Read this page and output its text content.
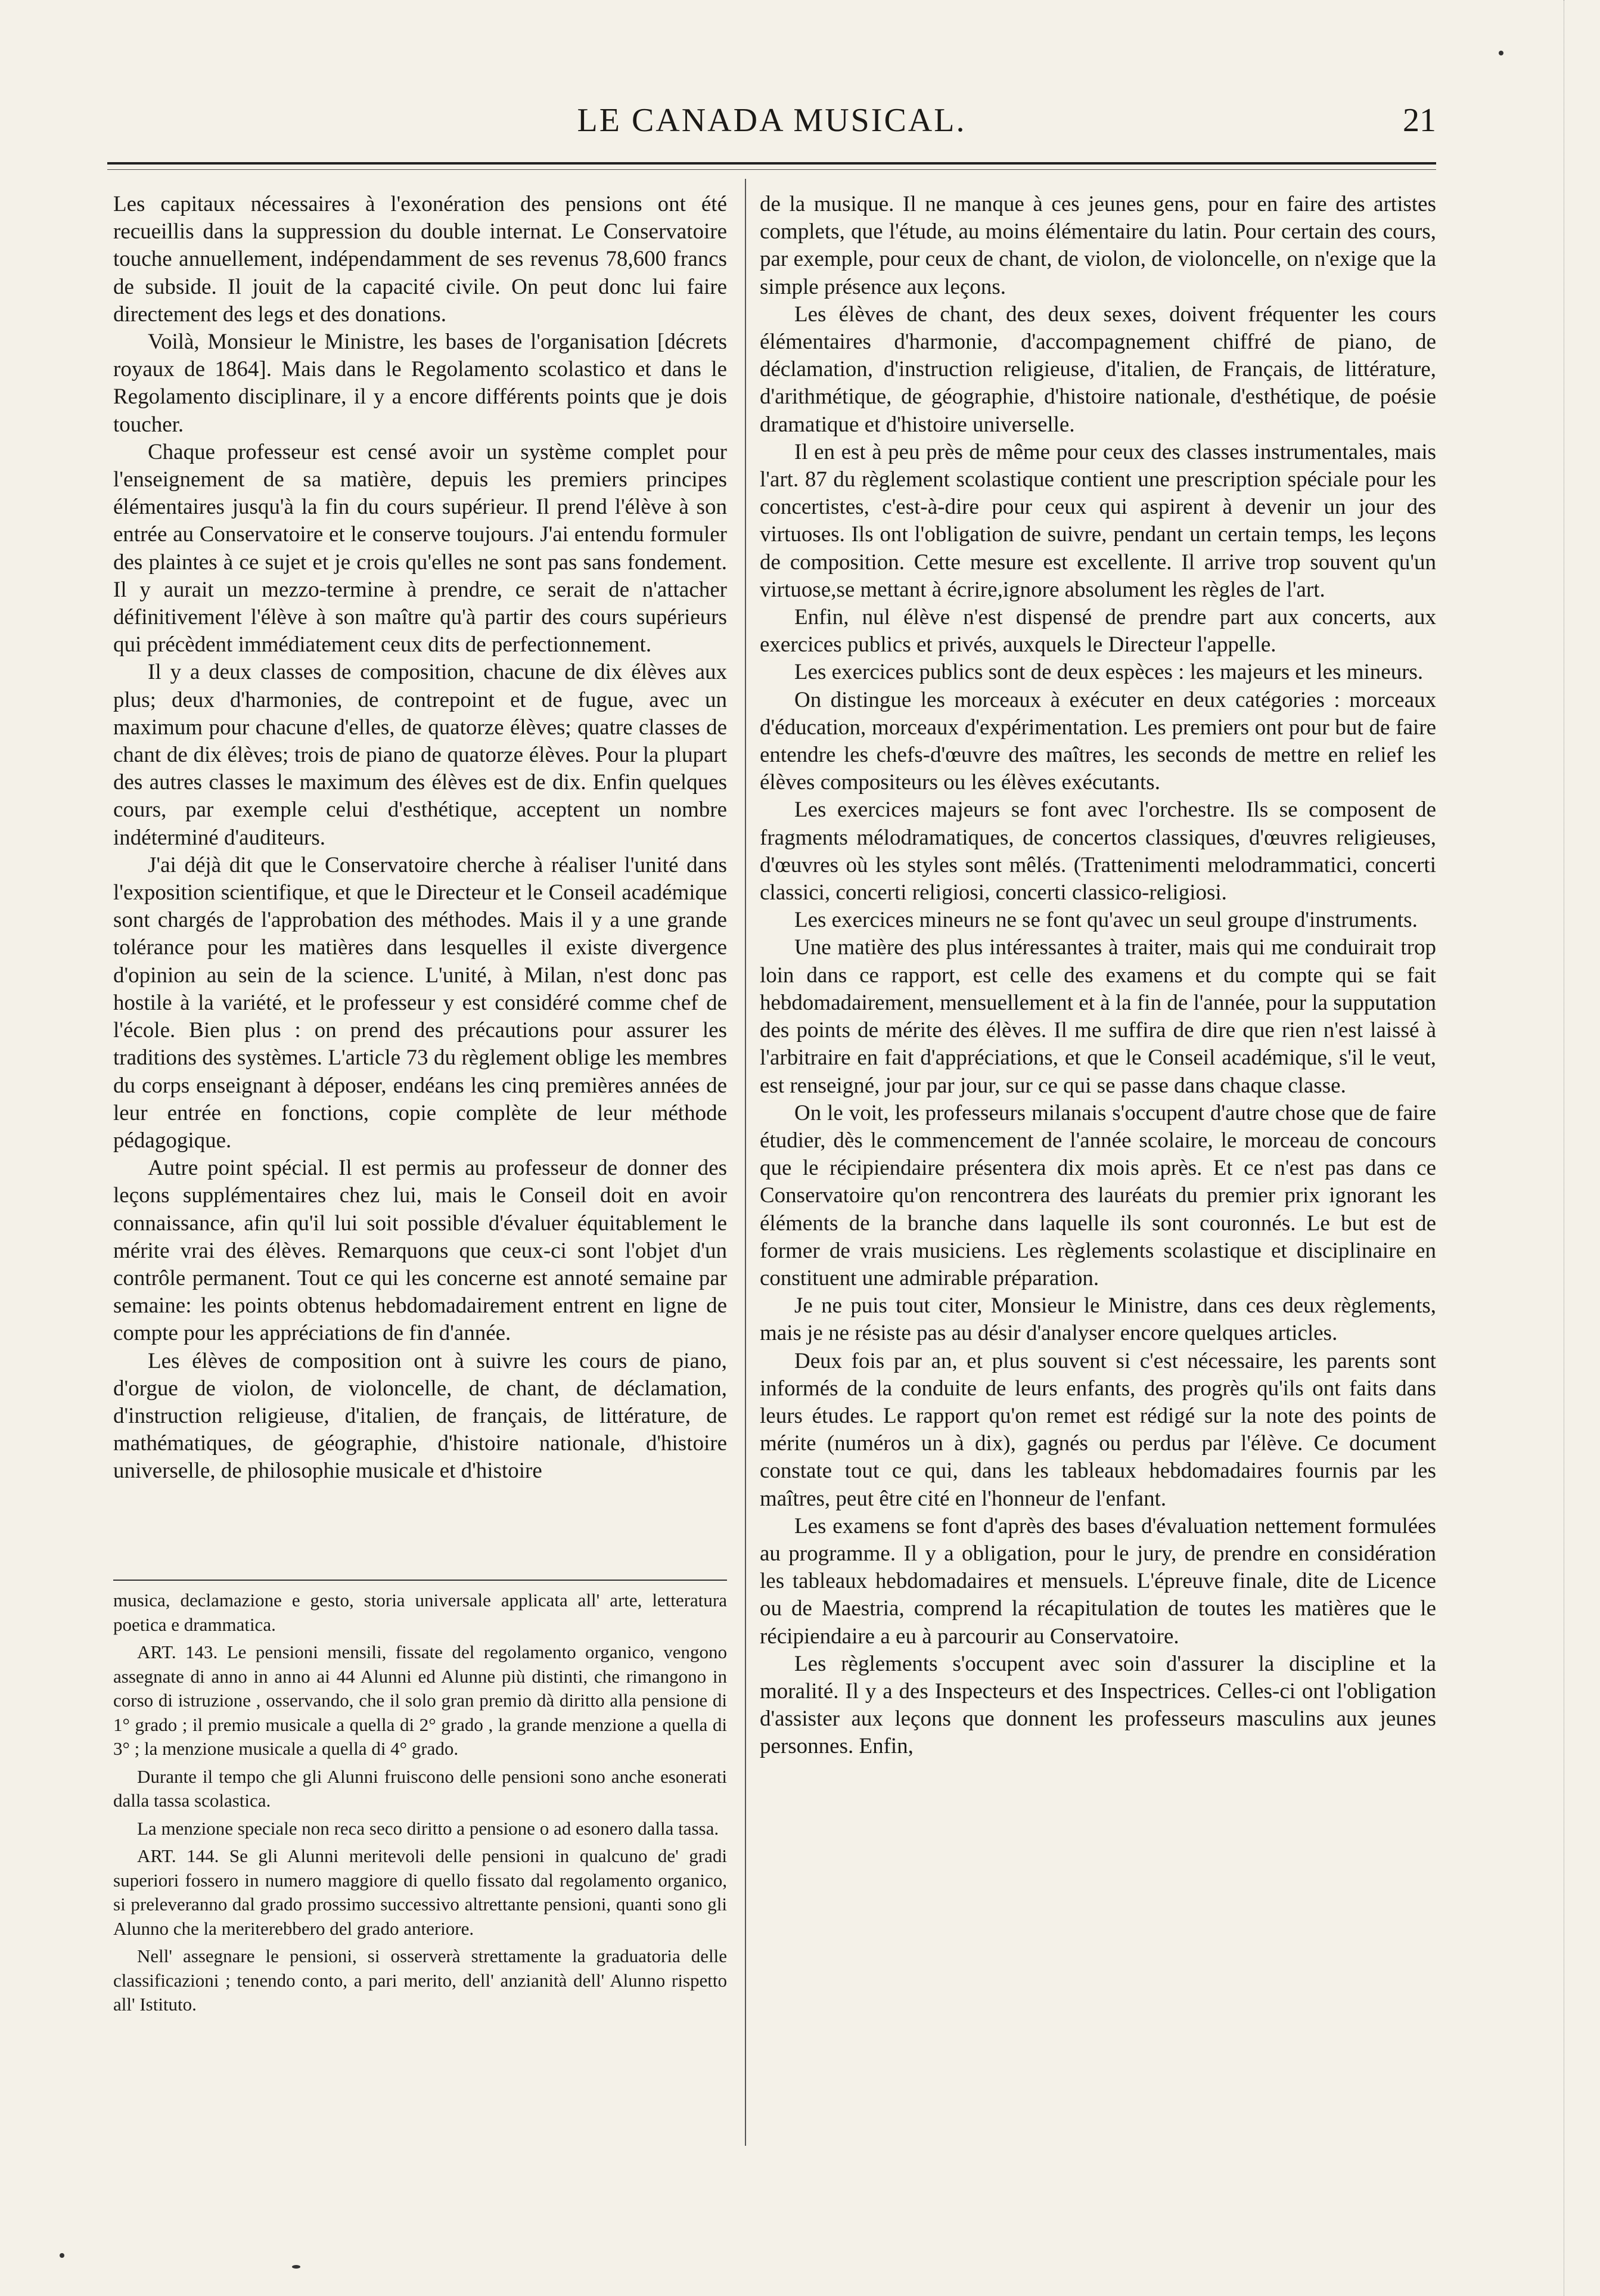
LE CANADA MUSICAL.	21

Les capitaux nécessaires à l'exonération des pensions ont été recueillis dans la suppression du double internat. Le Conservatoire touche annuellement, indépendamment de ses revenus 78,600 francs de subside. Il jouit de la capacité civile. On peut donc lui faire directement des legs et des donations.

Voilà, Monsieur le Ministre, les bases de l'organisation [décrets royaux de 1864]. Mais dans le Regolamento scolastico et dans le Regolamento disciplinare, il y a encore différents points que je dois toucher.

Chaque professeur est censé avoir un système complet pour l'enseignement de sa matière, depuis les premiers principes élémentaires jusqu'à la fin du cours supérieur. Il prend l'élève à son entrée au Conservatoire et le conserve toujours. J'ai entendu formuler des plaintes à ce sujet et je crois qu'elles ne sont pas sans fondement. Il y aurait un mezzo-termine à prendre, ce serait de n'attacher définitivement l'élève à son maître qu'à partir des cours supérieurs qui précèdent immédiatement ceux dits de perfectionnement.

Il y a deux classes de composition, chacune de dix élèves aux plus; deux d'harmonies, de contrepoint et de fugue, avec un maximum pour chacune d'elles, de quatorze élèves; quatre classes de chant de dix élèves; trois de piano de quatorze élèves. Pour la plupart des autres classes le maximum des élèves est de dix. Enfin quelques cours, par exemple celui d'esthétique, acceptent un nombre indéterminé d'auditeurs.

J'ai déjà dit que le Conservatoire cherche à réaliser l'unité dans l'exposition scientifique, et que le Directeur et le Conseil académique sont chargés de l'approbation des méthodes. Mais il y a une grande tolérance pour les matières dans lesquelles il existe divergence d'opinion au sein de la science. L'unité, à Milan, n'est donc pas hostile à la variété, et le professeur y est considéré comme chef de l'école. Bien plus : on prend des précautions pour assurer les traditions des systèmes. L'article 73 du règlement oblige les membres du corps enseignant à déposer, endéans les cinq premières années de leur entrée en fonctions, copie complète de leur méthode pédagogique.

Autre point spécial. Il est permis au professeur de donner des leçons supplémentaires chez lui, mais le Conseil doit en avoir connaissance, afin qu'il lui soit possible d'évaluer équitablement le mérite vrai des élèves. Remarquons que ceux-ci sont l'objet d'un contrôle permanent. Tout ce qui les concerne est annoté semaine par semaine: les points obtenus hebdomadairement entrent en ligne de compte pour les appréciations de fin d'année.

Les élèves de composition ont à suivre les cours de piano, d'orgue de violon, de violoncelle, de chant, de déclamation, d'instruction religieuse, d'italien, de français, de littérature, de mathématiques, de géographie, d'histoire nationale, d'histoire universelle, de philosophie musicale et d'histoire

musica, declamazione e gesto, storia universale applicata all' arte, letteratura poetica e drammatica.

ART. 143. Le pensioni mensili, fissate del regolamento organico, vengono assegnate di anno in anno ai 44 Alunni ed Alunne più distinti, che rimangono in corso di istruzione , osservando, che il solo gran premio dà diritto alla pensione di 1° grado ; il premio musicale a quella di 2° grado , la grande menzione a quella di 3° ; la menzione musicale a quella di 4° grado.

Durante il tempo che gli Alunni fruiscono delle pensioni sono anche esonerati dalla tassa scolastica.

La menzione speciale non reca seco diritto a pensione o ad esonero dalla tassa.

ART. 144. Se gli Alunni meritevoli delle pensioni in qualcuno de' gradi superiori fossero in numero maggiore di quello fissato dal regolamento organico, si preleveranno dal grado prossimo successivo altrettante pensioni, quanti sono gli Alunno che la meriterebbero del grado anteriore.

Nell' assegnare le pensioni, si osserverà strettamente la graduatoria delle classificazioni ; tenendo conto, a pari merito, dell' anzianità dell' Alunno rispetto all' Istituto.

de la musique. Il ne manque à ces jeunes gens, pour en faire des artistes complets, que l'étude, au moins élémentaire du latin. Pour certain des cours, par exemple, pour ceux de chant, de violon, de violoncelle, on n'exige que la simple présence aux leçons.

Les élèves de chant, des deux sexes, doivent fréquenter les cours élémentaires d'harmonie, d'accompagnement chiffré de piano, de déclamation, d'instruction religieuse, d'italien, de Français, de littérature, d'arithmétique, de géographie, d'histoire nationale, d'esthétique, de poésie dramatique et d'histoire universelle.

Il en est à peu près de même pour ceux des classes instrumentales, mais l'art. 87 du règlement scolastique contient une prescription spéciale pour les concertistes, c'est-à-dire pour ceux qui aspirent à devenir un jour des virtuoses. Ils ont l'obligation de suivre, pendant un certain temps, les leçons de composition. Cette mesure est excellente. Il arrive trop souvent qu'un virtuose,se mettant à écrire,ignore absolument les règles de l'art.

Enfin, nul élève n'est dispensé de prendre part aux concerts, aux exercices publics et privés, auxquels le Directeur l'appelle.

Les exercices publics sont de deux espèces : les majeurs et les mineurs.

On distingue les morceaux à exécuter en deux catégories : morceaux d'éducation, morceaux d'expérimentation. Les premiers ont pour but de faire entendre les chefs-d'œuvre des maîtres, les seconds de mettre en relief les élèves compositeurs ou les élèves exécutants.

Les exercices majeurs se font avec l'orchestre. Ils se composent de fragments mélodramatiques, de concertos classiques, d'œuvres religieuses, d'œuvres où les styles sont mêlés. (Trattenimenti melodrammatici, concerti classici, concerti religiosi, concerti classico-religiosi.

Les exercices mineurs ne se font qu'avec un seul groupe d'instruments.

Une matière des plus intéressantes à traiter, mais qui me conduirait trop loin dans ce rapport, est celle des examens et du compte qui se fait hebdomadairement, mensuellement et à la fin de l'année, pour la supputation des points de mérite des élèves. Il me suffira de dire que rien n'est laissé à l'arbitraire en fait d'appréciations, et que le Conseil académique, s'il le veut, est renseigné, jour par jour, sur ce qui se passe dans chaque classe.

On le voit, les professeurs milanais s'occupent d'autre chose que de faire étudier, dès le commencement de l'année scolaire, le morceau de concours que le récipiendaire présentera dix mois après. Et ce n'est pas dans ce Conservatoire qu'on rencontrera des lauréats du premier prix ignorant les éléments de la branche dans laquelle ils sont couronnés. Le but est de former de vrais musiciens. Les règlements scolastique et disciplinaire en constituent une admirable préparation.

Je ne puis tout citer, Monsieur le Ministre, dans ces deux règlements, mais je ne résiste pas au désir d'analyser encore quelques articles.

Deux fois par an, et plus souvent si c'est nécessaire, les parents sont informés de la conduite de leurs enfants, des progrès qu'ils ont faits dans leurs études. Le rapport qu'on remet est rédigé sur la note des points de mérite (numéros un à dix), gagnés ou perdus par l'élève. Ce document constate tout ce qui, dans les tableaux hebdomadaires fournis par les maîtres, peut être cité en l'honneur de l'enfant.

Les examens se font d'après des bases d'évaluation nettement formulées au programme. Il y a obligation, pour le jury, de prendre en considération les tableaux hebdomadaires et mensuels. L'épreuve finale, dite de Licence ou de Maestria, comprend la récapitulation de toutes les matières que le récipiendaire a eu à parcourir au Conservatoire.

Les règlements s'occupent avec soin d'assurer la discipline et la moralité. Il y a des Inspecteurs et des Inspectrices. Celles-ci ont l'obligation d'assister aux leçons que donnent les professeurs masculins aux jeunes personnes. Enfin,
